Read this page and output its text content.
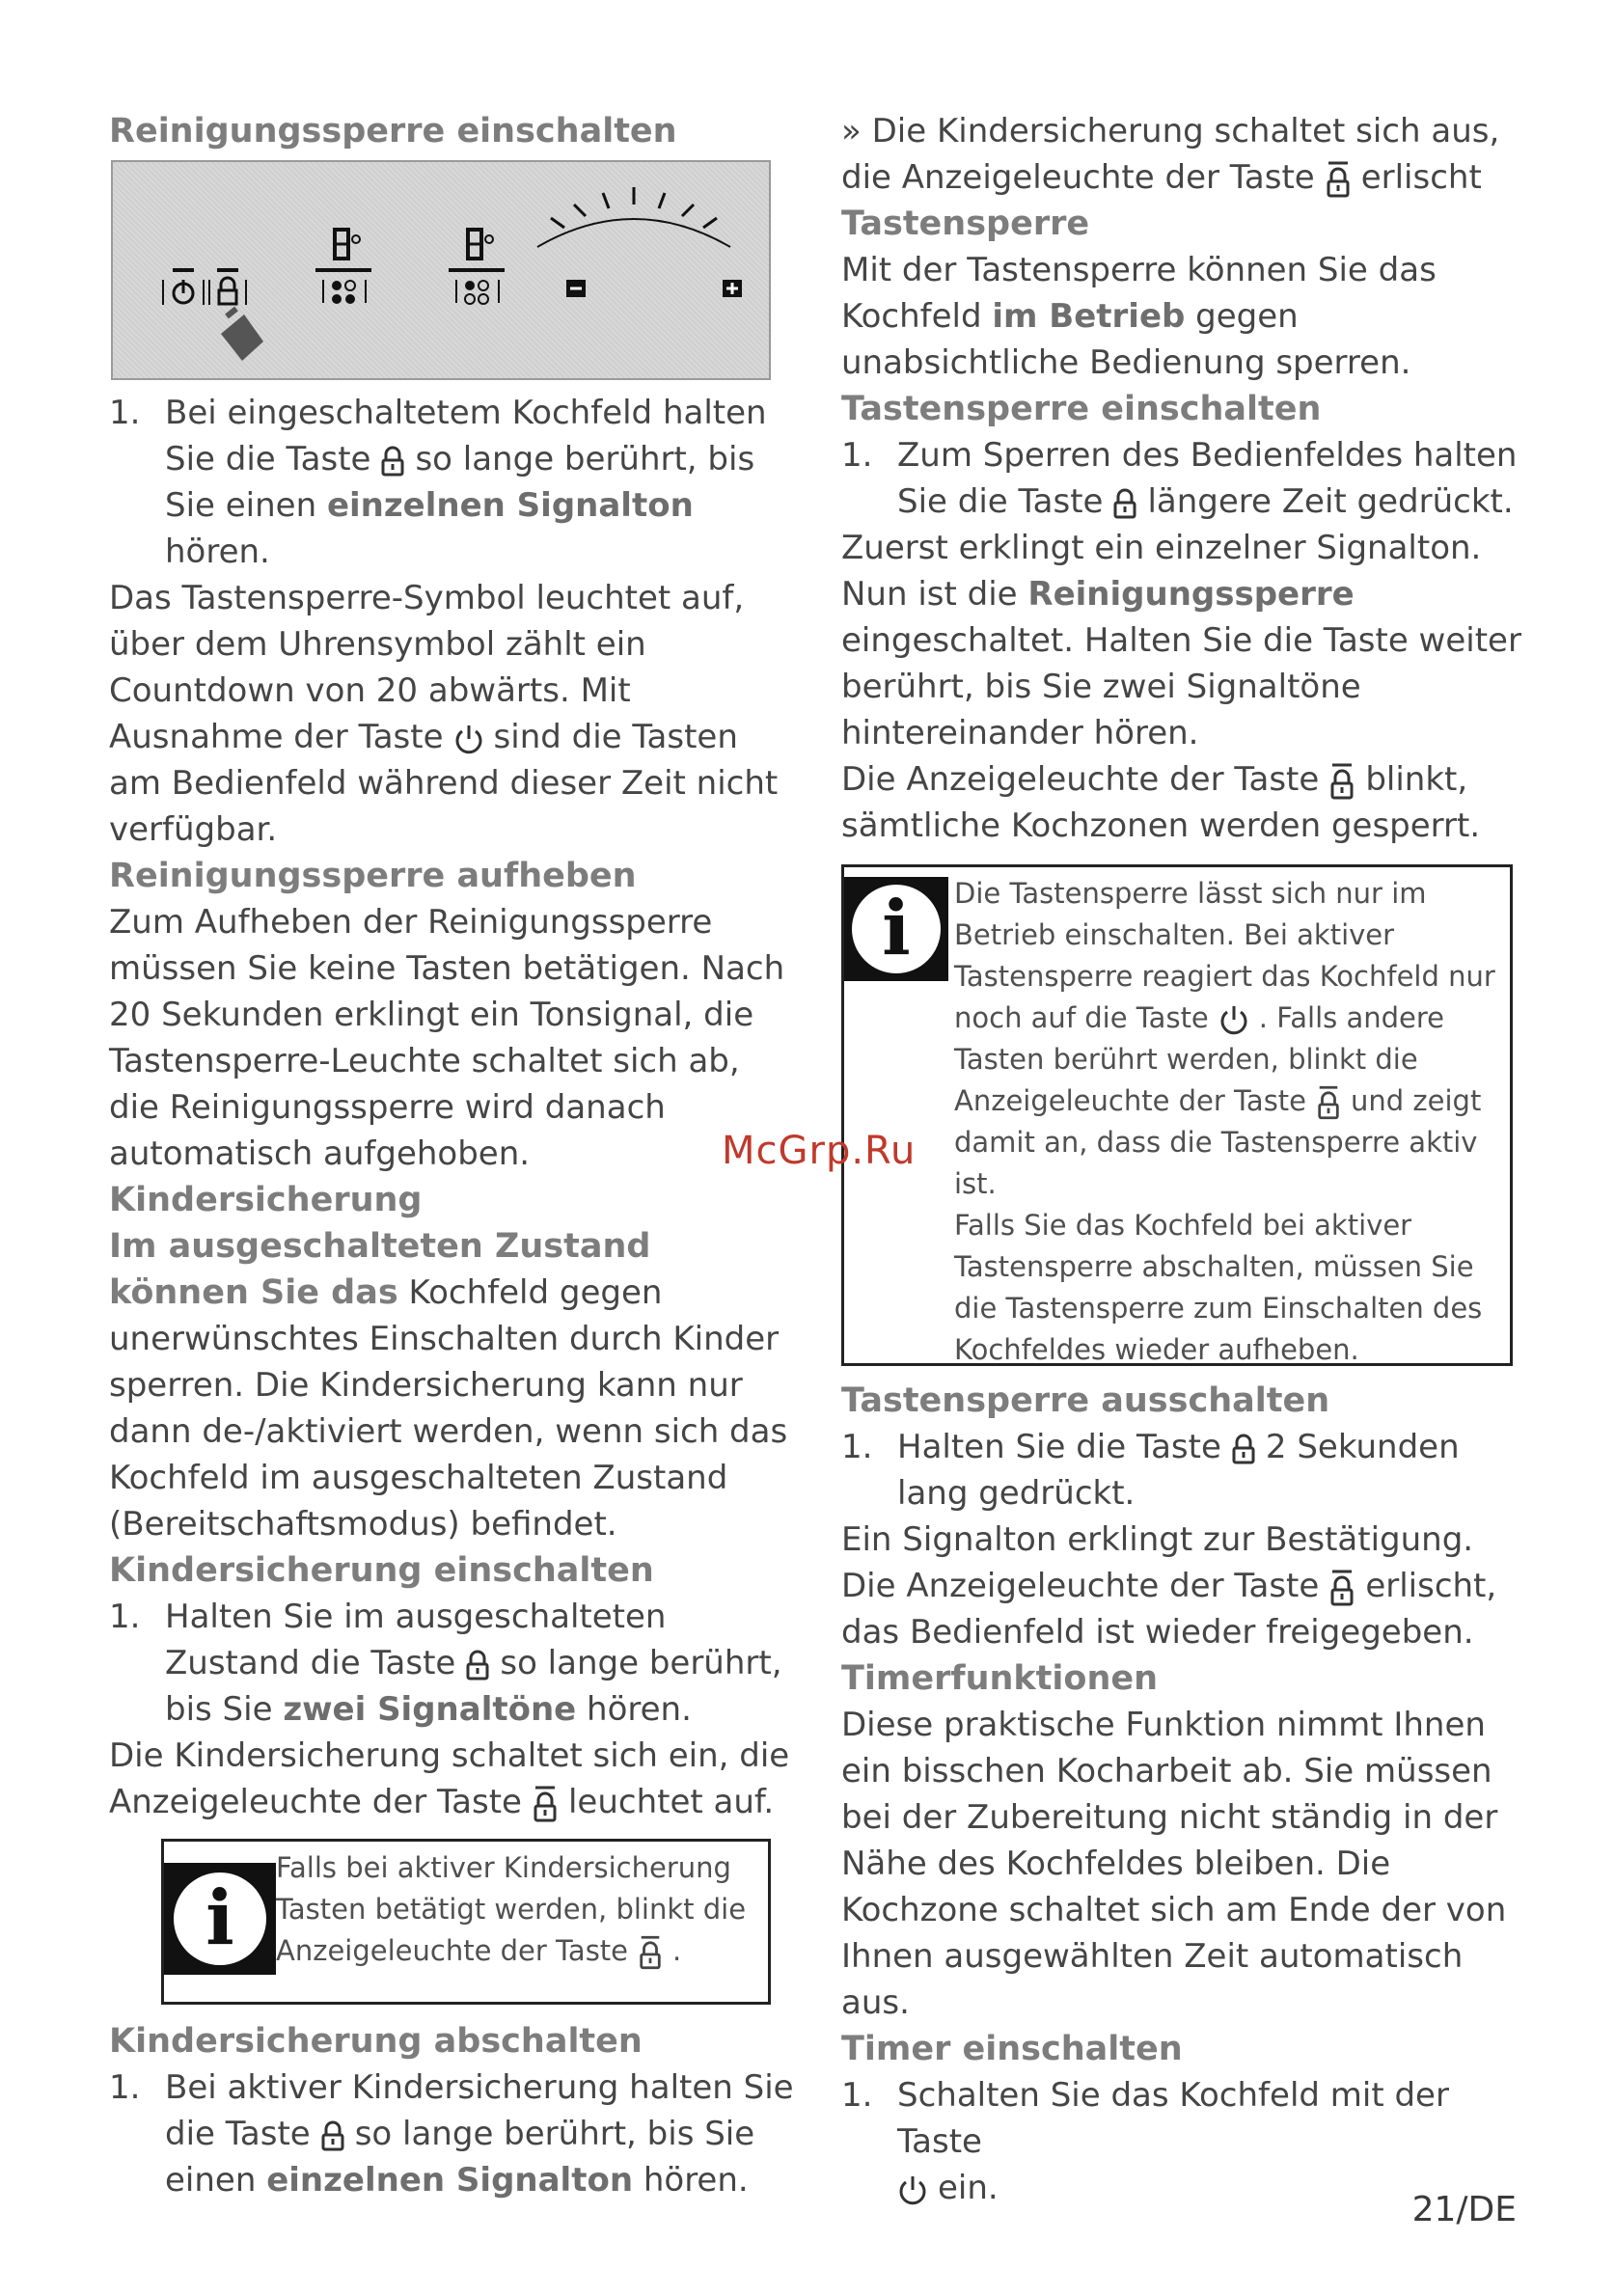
Reinigungssperre einschalten

1. Bei eingeschaltetem Kochfeld halten Sie die Taste so lange berührt, bis Sie einen einzelnen Signalton hören.

Das Tastensperre-Symbol leuchtet auf, über dem Uhrensymbol zählt ein Countdown von 20 abwärts. Mit Ausnahme der Taste sind die Tasten am Bedienfeld während dieser Zeit nicht verfügbar.

Reinigungssperre aufheben

Zum Aufheben der Reinigungssperre müssen Sie keine Tasten betätigen. Nach 20 Sekunden erklingt ein Tonsignal, die Tastensperre-Leuchte schaltet sich ab, die Reinigungssperre wird danach automatisch aufgehoben.

Kindersicherung

Im ausgeschalteten Zustand können Sie das Kochfeld gegen unerwünschtes Einschalten durch Kinder sperren. Die Kindersicherung kann nur dann de-/aktiviert werden, wenn sich das Kochfeld im ausgeschalteten Zustand (Bereitschaftsmodus) befindet.

Kindersicherung einschalten

1. Halten Sie im ausgeschalteten Zustand die Taste so lange berührt, bis Sie zwei Signaltöne hören.

Die Kindersicherung schaltet sich ein, die Anzeigeleuchte der Taste leuchtet auf.

i
Falls bei aktiver Kindersicherung Tasten betätigt werden, blinkt die Anzeigeleuchte der Taste .
Kindersicherung abschalten

1. Bei aktiver Kindersicherung halten Sie die Taste so lange berührt, bis Sie einen einzelnen Signalton hören.

» Die Kindersicherung schaltet sich aus, die Anzeigeleuchte der Taste erlischt

Tastensperre

Mit der Tastensperre können Sie das Kochfeld im Betrieb gegen unabsichtliche Bedienung sperren.

Tastensperre einschalten

1. Zum Sperren des Bedienfeldes halten Sie die Taste längere Zeit gedrückt.

Zuerst erklingt ein einzelner Signalton. Nun ist die Reinigungssperre eingeschaltet. Halten Sie die Taste weiter berührt, bis Sie zwei Signaltöne hintereinander hören.

Die Anzeigeleuchte der Taste blinkt, sämtliche Kochzonen werden gesperrt.

i	Die Tastensperre lässt sich nur im Betrieb einschalten. Bei aktiver Tastensperre reagiert das Kochfeld nur noch auf die Taste . Falls andere Tasten berührt werden, blinkt die Anzeigeleuchte der Taste und zeigt damit an, dass die Tastensperre aktiv ist.
Falls Sie das Kochfeld bei aktiver Tastensperre abschalten, müssen Sie die Tastensperre zum Einschalten des Kochfeldes wieder aufheben.
Tastensperre ausschalten

1. Halten Sie die Taste 2 Sekunden lang gedrückt.

Ein Signalton erklingt zur Bestätigung. Die Anzeigeleuchte der Taste erlischt, das Bedienfeld ist wieder freigegeben.

Timerfunktionen

Diese praktische Funktion nimmt Ihnen ein bisschen Kocharbeit ab. Sie müssen bei der Zubereitung nicht ständig in der Nähe des Kochfeldes bleiben. Die Kochzone schaltet sich am Ende der von Ihnen ausgewählten Zeit automatisch aus.

Timer einschalten

1. Schalten Sie das Kochfeld mit der Taste

ein.

McGrp.Ru
21/DE
